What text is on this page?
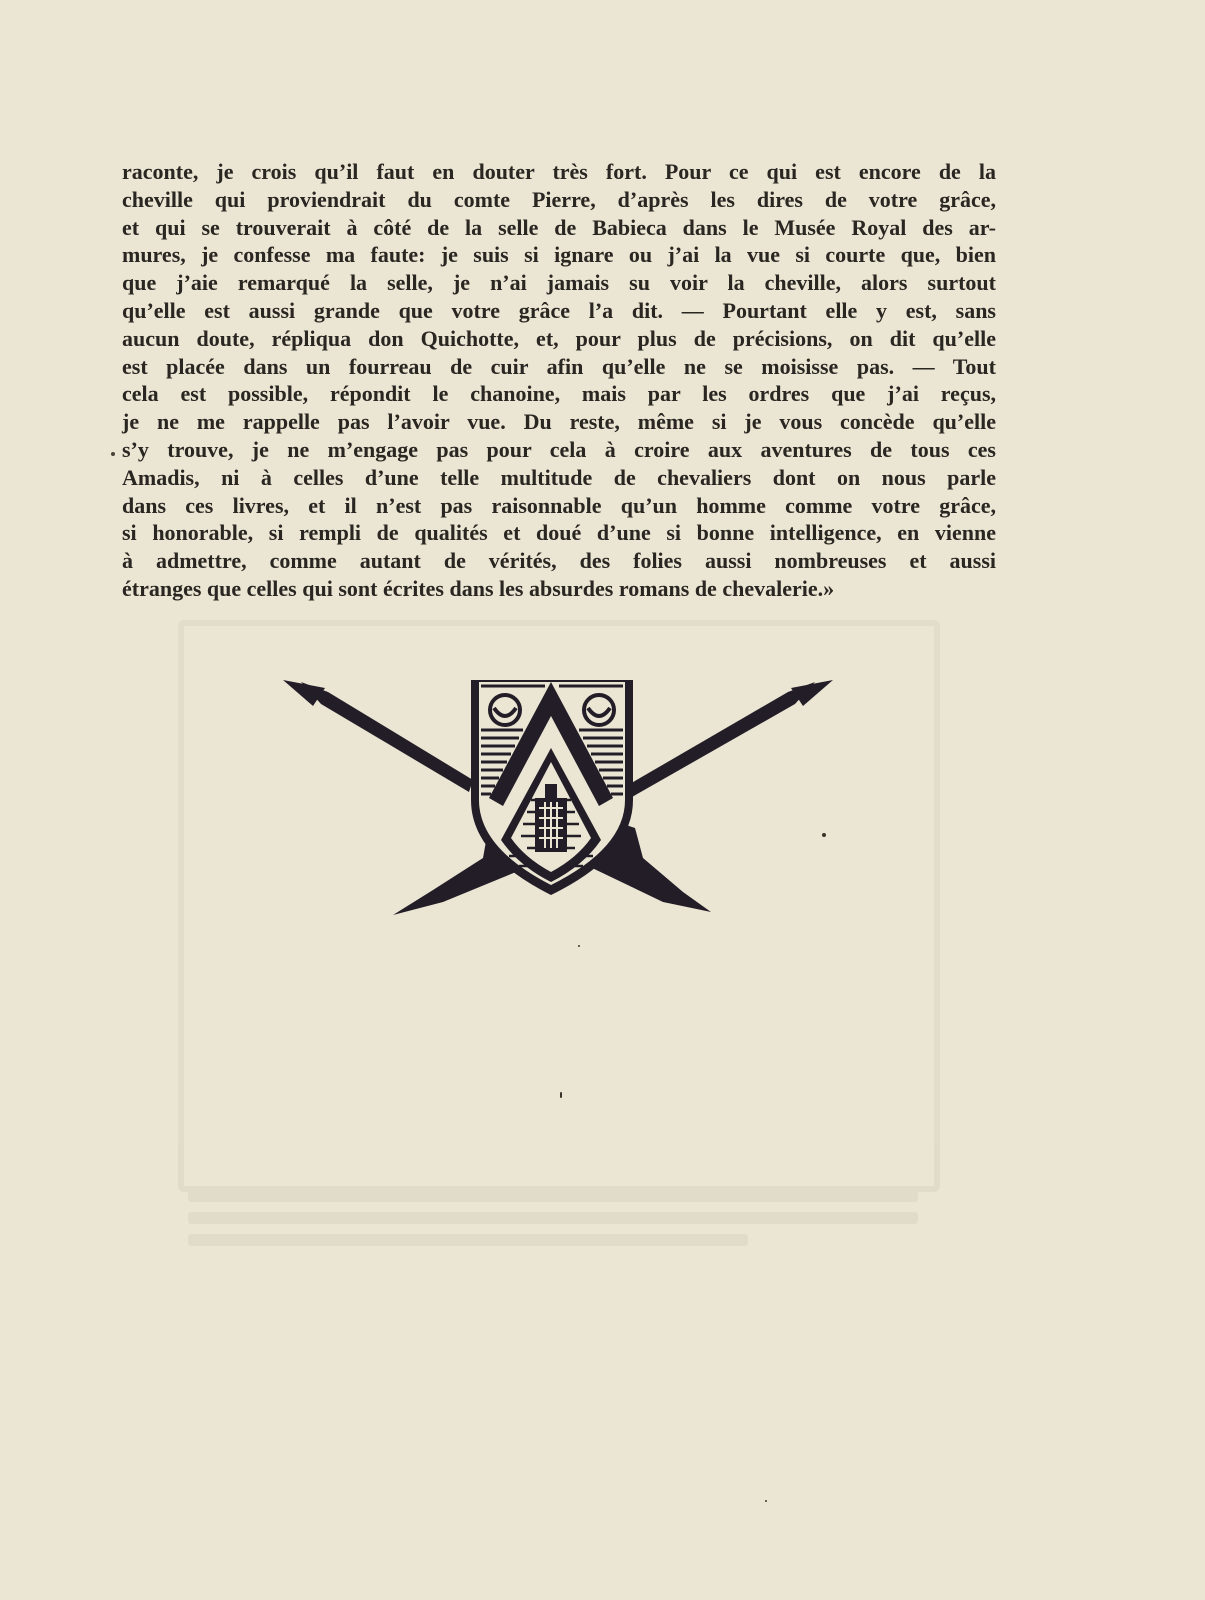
raconte, je crois qu’il faut en douter très fort. Pour ce qui est encore de la
cheville qui proviendrait du comte Pierre, d’après les dires de votre grâce,
et qui se trouverait à côté de la selle de Babieca dans le Musée Royal des ar-
mures, je confesse ma faute: je suis si ignare ou j’ai la vue si courte que, bien
que j’aie remarqué la selle, je n’ai jamais su voir la cheville, alors surtout
qu’elle est aussi grande que votre grâce l’a dit. — Pourtant elle y est, sans
aucun doute, répliqua don Quichotte, et, pour plus de précisions, on dit qu’elle
est placée dans un fourreau de cuir afin qu’elle ne se moisisse pas. — Tout
cela est possible, répondit le chanoine, mais par les ordres que j’ai reçus,
je ne me rappelle pas l’avoir vue. Du reste, même si je vous concède qu’elle
s’y trouve, je ne m’engage pas pour cela à croire aux aventures de tous ces
Amadis, ni à celles d’une telle multitude de chevaliers dont on nous parle
dans ces livres, et il n’est pas raisonnable qu’un homme comme votre grâce,
si honorable, si rempli de qualités et doué d’une si bonne intelligence, en vienne
à admettre, comme autant de vérités, des folies aussi nombreuses et aussi
étranges que celles qui sont écrites dans les absurdes romans de chevalerie.»
